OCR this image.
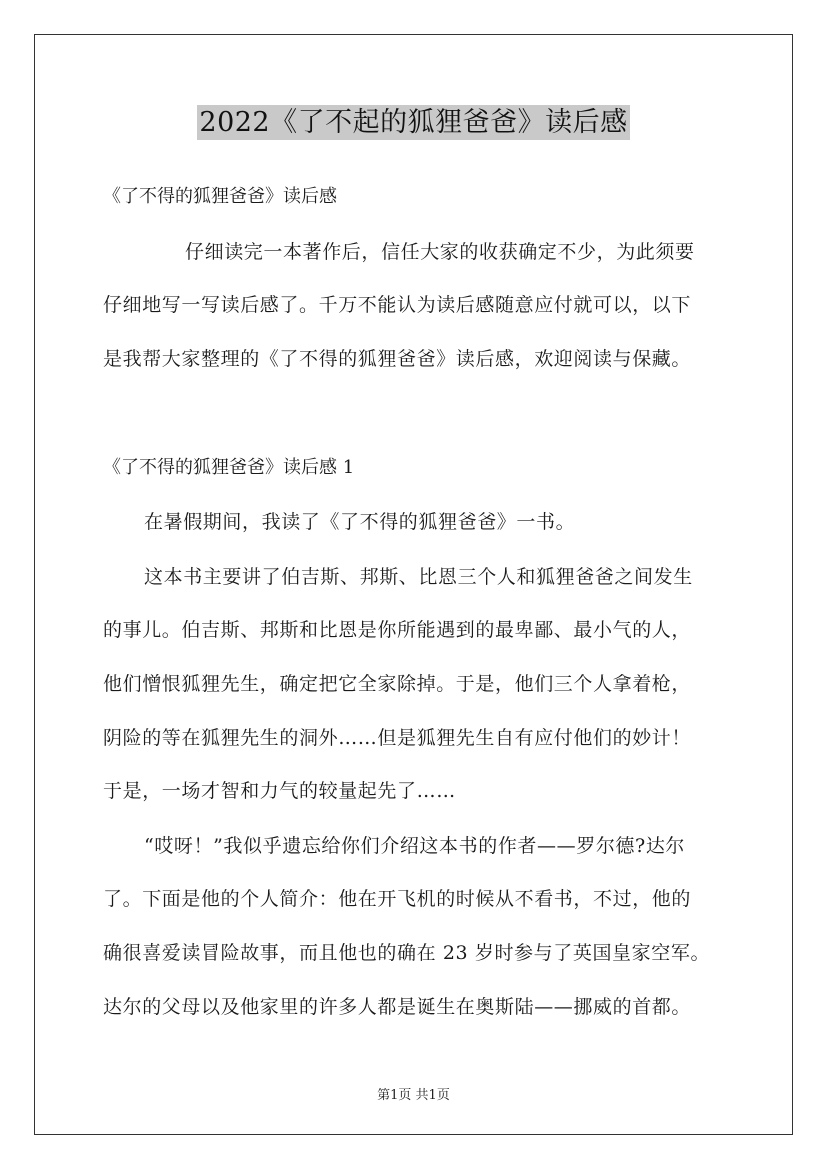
2022《了不起的狐狸爸爸》读后感
《了不得的狐狸爸爸》读后感
仔细读完一本著作后，信任大家的收获确定不少，为此须要
仔细地写一写读后感了。千万不能认为读后感随意应付就可以，以下
是我帮大家整理的《了不得的狐狸爸爸》读后感，欢迎阅读与保藏。
《了不得的狐狸爸爸》读后感 1
在暑假期间，我读了《了不得的狐狸爸爸》一书。
这本书主要讲了伯吉斯、邦斯、比恩三个人和狐狸爸爸之间发生
的事儿。伯吉斯、邦斯和比恩是你所能遇到的最卑鄙、最小气的人，
他们憎恨狐狸先生，确定把它全家除掉。于是，他们三个人拿着枪，
阴险的等在狐狸先生的洞外……但是狐狸先生自有应付他们的妙计！
于是，一场才智和力气的较量起先了……
“哎呀！”我似乎遗忘给你们介绍这本书的作者——罗尔德?达尔
了。下面是他的个人简介：他在开飞机的时候从不看书，不过，他的
确很喜爱读冒险故事，而且他也的确在 23 岁时参与了英国皇家空军。
达尔的父母以及他家里的许多人都是诞生在奥斯陆——挪威的首都。
第1页 共1页
